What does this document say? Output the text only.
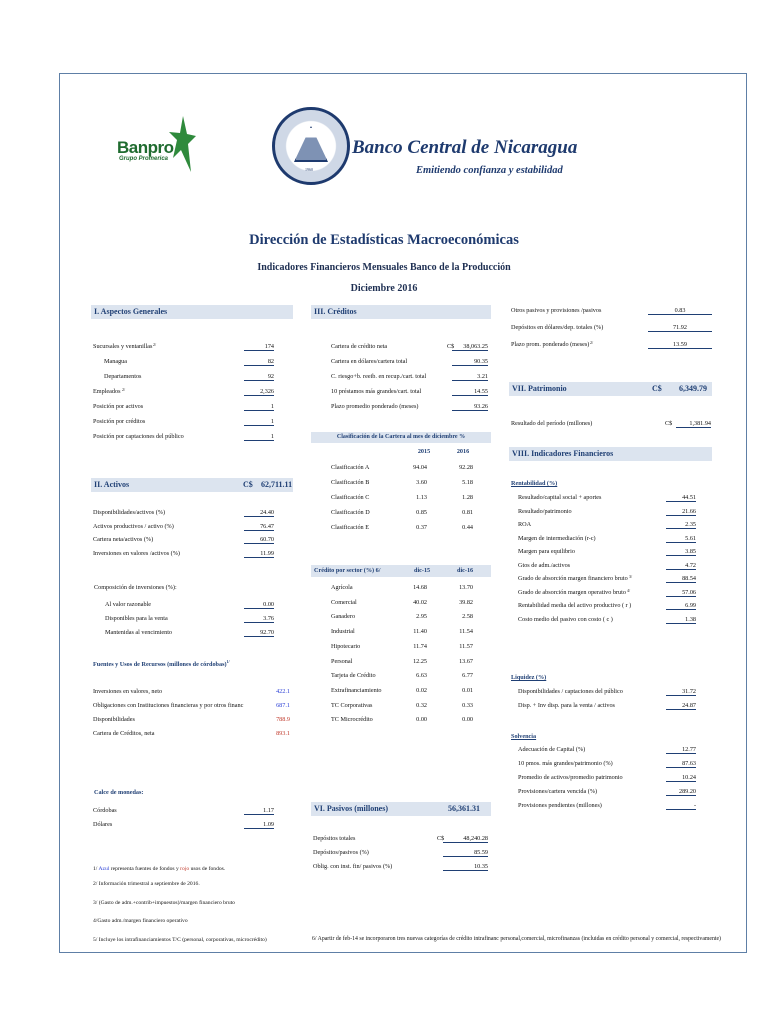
Banpro
Grupo Promerica
1960
Banco Central de Nicaragua
Emitiendo confianza y estabilidad
Dirección de Estadísticas Macroeconómicas
Indicadores Financieros Mensuales Banco de la Producción
Diciembre 2016
I. Aspectos Generales
Sucursales y ventanillas 2/	174
Managua	82
Departamentos	92
Empleados 2/	2,326
Posición por activos	1
Posición por créditos	1
Posición por captaciones del público	1
II. Activos	C$ 62,711.11
Disponibilidades/activos (%)	24.40
Activos productivos / activo (%)	76.47
Cartera neta/activos (%)	60.70
Inversiones en valores /activos (%)	11.99
Composición de inversiones (%):
Al valor razonable	0.00
Disponibles para la venta	3.76
Mantenidas al vencimiento	92.70
Fuentes y Usos de Recursos (millones de córdobas)$^{1/}$
Inversiones en valores, neto	422.1
Obligaciones con Instituciones financieras y por otros financ	687.1
Disponibilidades	788.9
Cartera de Créditos, neta	893.1
Calce de monedas:
Córdobas	1.17
Dólares	1.09
1/ Azul representa fuentes de fondos y rojo usos de fondos.
2/ Información trimestral a septiembre de 2016.
3/ (Gasto de adm.+contrib+impuestos)/margen financiero bruto
4/Gasto adm./margen financiero operativo
5/ Incluye los intrafinanciamientos T/C (personal, corporativas, microcrédito)	6/ Apartir de feb-14 se incorporaron tres nuevas categorías de crédito intrafinanc personal,comercial, microfinanzas (incluidas en crédito personal y comercial, respectivamente)
III. Créditos
Cartera de crédito neta	C$	38,063.25
Cartera en dólares/cartera total	90.35
C. riesgo+b. reeib. en recup./cart. total	3.21
10 préstamos más grandes/cart. total	14.55
Plazo promedio ponderado (meses)	93.26
Clasificación de la Cartera al mes de diciembre %
2015	2016
Clasificación A	94.04	92.28
Clasificación B	3.60	5.18
Clasificación C	1.13	1.28
Clasificación D	0.85	0.81
Clasificación E	0.37	0.44
Crédito por sector (%) 6/	dic-15	dic-16
Agrícola	14.68	13.70
Comercial	40.02	39.82
Ganadero	2.95	2.58
Industrial	11.40	11.54
Hipotecario	11.74	11.57
Personal	12.25	13.67
Tarjeta de Crédito	6.63	6.77
Extrafinanciamiento	0.02	0.01
TC Corporativas	0.32	0.33
TC Microcrédito	0.00	0.00
VI. Pasivos (millones)	56,361.31
Depósitos totales	C$	48,240.28
Depósitos/pasivos (%)	85.59
Oblig. con inst. fin/ pasivos (%)	10.35
Otros pasivos y provisiones /pasivos	0.83
Depósitos en dólares/dep. totales (%)	71.92
Plazo prom. ponderado (meses) 2/	13.59
VII. Patrimonio	C$ 6,349.79
Resultado del período (millones)	C$	1,381.94
VIII. Indicadores Financieros
Rentabilidad (%)
Resultado/capital social + aportes	44.51
Resultado/patrimonio	21.66
ROA	2.35
Margen de intermediación (r-c)	5.61
Margen para equilibrio	3.85
Gtos de adm./activos	4.72
Grado de absorción margen financiero bruto 3/	88.54
Grado de absorción margen operativo bruto 4/	57.06
Rentabilidad media del activo productivo ( r )	6.99
Costo medio del pasivo con costo ( c )	1.38
Liquidez (%)
Disponibilidades / captaciones del público	31.72
Disp. + Inv disp. para la venta / activos	24.87
Solvencia
Adecuación de Capital (%)	12.77
10 pmos. más grandes/patrimonio (%)	87.63
Promedio de activos/promedio patrimonio	10.24
Provisiones/cartera vencida (%)	289.20
Provisiones pendientes (millones)	-
